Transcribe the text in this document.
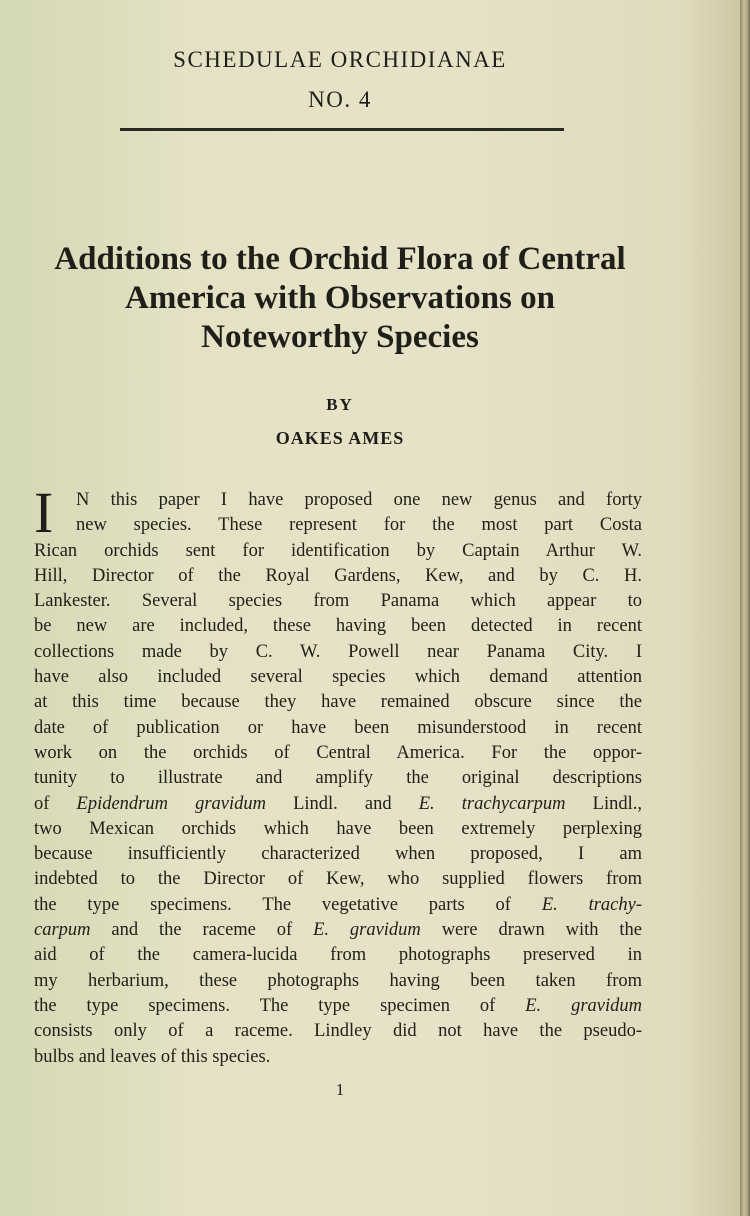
SCHEDULAE ORCHIDIANAE
NO. 4
Additions to the Orchid Flora of Central
America with Observations on
Noteworthy Species
BY
OAKES AMES
I	N this paper I have proposed one new genus and forty
new species. These represent for the most part Costa
Rican orchids sent for identification by Captain Arthur W.
Hill, Director of the Royal Gardens, Kew, and by C. H.
Lankester. Several species from Panama which appear to
be new are included, these having been detected in recent
collections made by C. W. Powell near Panama City. I
have also included several species which demand attention
at this time because they have remained obscure since the
date of publication or have been misunderstood in recent
work on the orchids of Central America. For the oppor-
tunity to illustrate and amplify the original descriptions
of Epidendrum gravidum Lindl. and E. trachycarpum Lindl.,
two Mexican orchids which have been extremely perplexing
because insufficiently characterized when proposed, I am
indebted to the Director of Kew, who supplied flowers from
the type specimens. The vegetative parts of E. trachy-
carpum and the raceme of E. gravidum were drawn with the
aid of the camera-lucida from photographs preserved in
my herbarium, these photographs having been taken from
the type specimens. The type specimen of E. gravidum
consists only of a raceme. Lindley did not have the pseudo-
bulbs and leaves of this species.
1
